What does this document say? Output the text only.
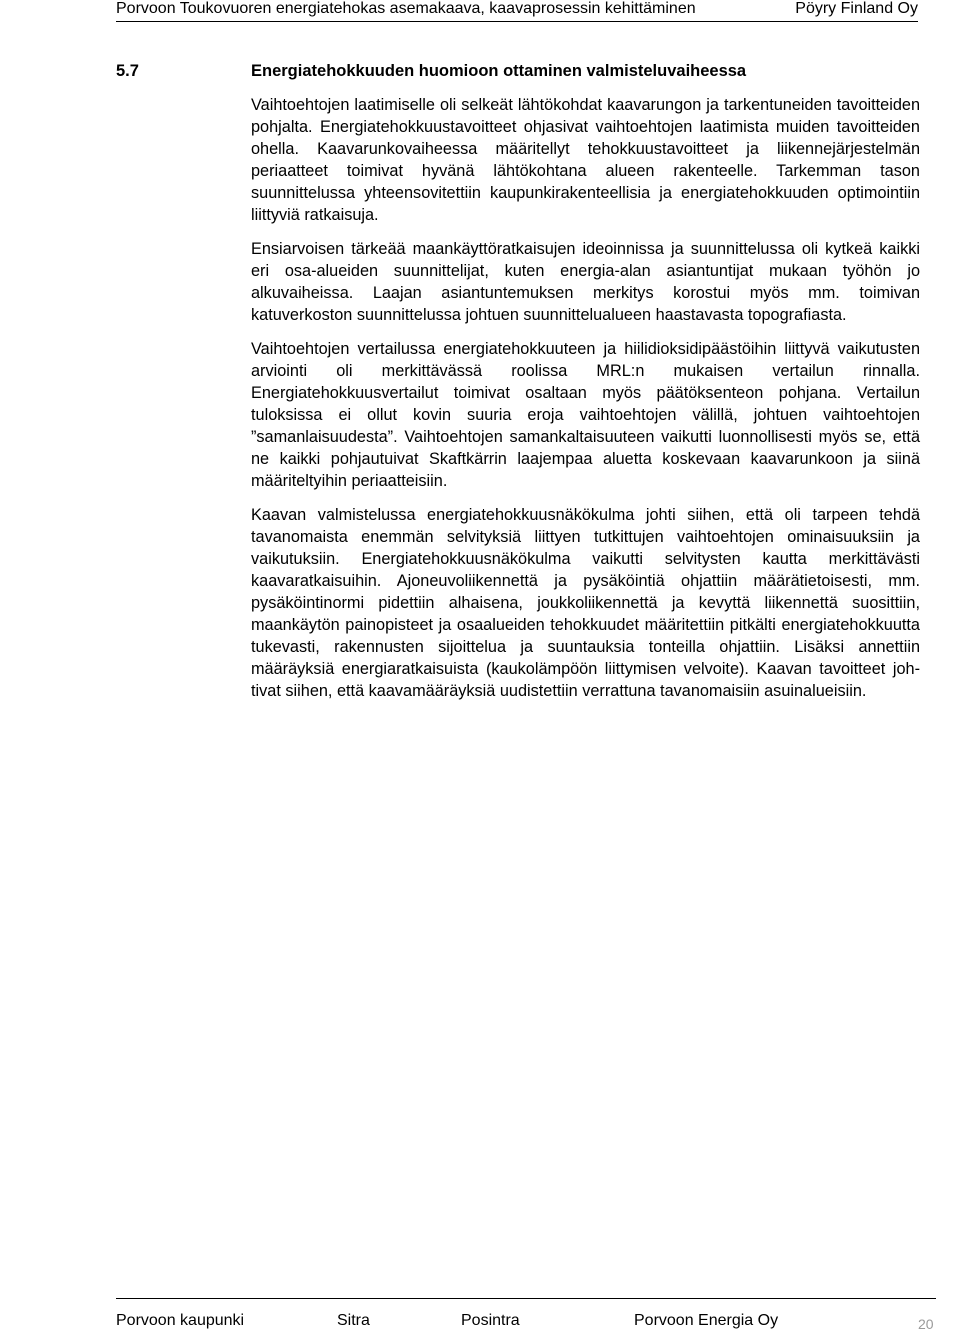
Porvoon Toukovuoren energiatehokas asemakaava, kaavaprosessin kehittäminen	Pöyry Finland Oy
5.7	Energiatehokkuuden huomioon ottaminen valmisteluvaiheessa

Vaihtoehtojen laatimiselle oli selkeät lähtökohdat kaavarungon ja tarkentuneiden tavoitteiden pohjalta. Energiatehokkuustavoitteet ohjasivat vaihtoehtojen laatimista muiden tavoitteiden ohella. Kaavarunkovaiheessa määritellyt tehokkuustavoitteet ja liikennejärjestelmän periaatteet toimivat hyvänä lähtökohtana alueen rakenteelle. Tarkemman tason suunnittelussa yhteensovitettiin kaupunkirakenteellisia ja energiatehokkuuden optimointiin liittyviä ratkaisuja.

Ensiarvoisen tärkeää maankäyttöratkaisujen ideoinnissa ja suunnittelussa oli kytkeä kaikki eri osa-alueiden suunnittelijat, kuten energia-alan asiantuntijat mukaan työhön jo alkuvaiheissa. Laajan asiantuntemuksen merkitys korostui myös mm. toimivan katuverkoston suunnittelussa johtuen suunnittelualueen haastavasta topografiasta.

Vaihtoehtojen vertailussa energiatehokkuuteen ja hiilidioksidipäästöihin liittyvä vaikutusten arviointi oli merkittävässä roolissa MRL:n mukaisen vertailun rinnalla. Energiatehokkuusvertailut toimivat osaltaan myös päätöksenteon pohjana. Vertailun tuloksissa ei ollut kovin suuria eroja vaihtoehtojen välillä, johtuen vaihtoehtojen ”samanlaisuudesta”. Vaihtoehtojen samankaltaisuuteen vaikutti luonnollisesti myös se, että ne kaikki pohjautuivat Skaftkärrin laajempaa aluetta koskevaan kaavarunkoon ja siinä määriteltyihin periaatteisiin.

Kaavan valmistelussa energiatehokkuusnäkökulma johti siihen, että oli tarpeen tehdä tavanomaista enemmän selvityksiä liittyen tutkittujen vaihtoehtojen ominaisuuksiin ja vaikutuksiin. Energiatehokkuusnäkökulma vaikutti selvitysten kautta merkittävästi kaavaratkaisuihin. Ajoneuvoliikennettä ja pysäköintiä ohjattiin määrätietoisesti, mm. pysäköintinormi pidettiin alhaisena, joukkoliikennettä ja kevyttä liikennettä suosittiin, maankäytön painopisteet ja osaalueiden tehokkuudet määritettiin pitkälti energiatehokkuutta tukevasti, rakennusten sijoittelua ja suuntauksia tonteilla ohjattiin. Lisäksi annettiin määräyksiä energiaratkaisuista (kaukolämpöön liittymisen velvoite). Kaavan tavoitteet johtivat siihen, että kaavamääräyksiä uudistettiin verrattuna tavanomaisiin asuinalueisiin.

Porvoon kaupunki	Sitra	Posintra	Porvoon Energia Oy	20
